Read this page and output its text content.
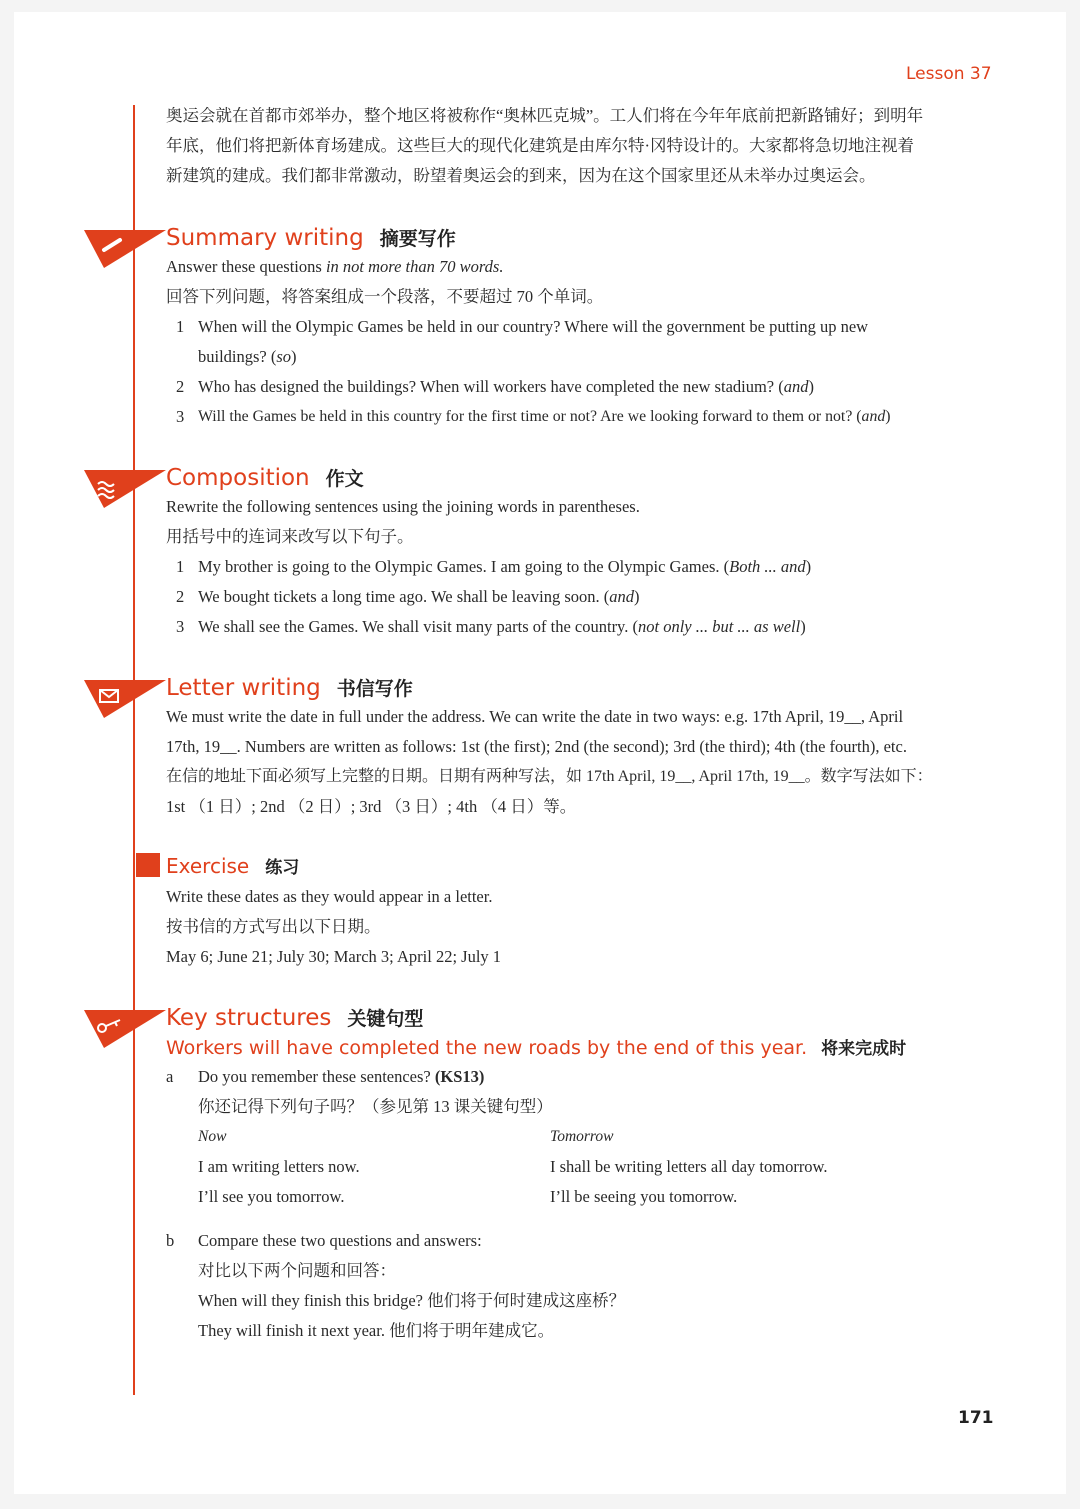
Lesson 37
奥运会就在首都市郊举办，整个地区将被称作“奥林匹克城”。工人们将在今年年底前把新路铺好；到明年
年底，他们将把新体育场建成。这些巨大的现代化建筑是由库尔特·冈特设计的。大家都将急切地注视着
新建筑的建成。我们都非常激动，盼望着奥运会的到来，因为在这个国家里还从未举办过奥运会。
Summary writing 摘要写作
Answer these questions in not more than 70 words.
回答下列问题，将答案组成一个段落，不要超过 70 个单词。
1 When will the Olympic Games be held in our country? Where will the government be putting up new
buildings? (so)
2 Who has designed the buildings? When will workers have completed the new stadium? (and)
3 Will the Games be held in this country for the first time or not? Are we looking forward to them or not? (and)
Composition 作文
Rewrite the following sentences using the joining words in parentheses.
用括号中的连词来改写以下句子。
1 My brother is going to the Olympic Games. I am going to the Olympic Games. (Both ... and)
2 We bought tickets a long time ago. We shall be leaving soon. (and)
3 We shall see the Games. We shall visit many parts of the country. (not only ... but ... as well)
Letter writing 书信写作
We must write the date in full under the address. We can write the date in two ways: e.g. 17th April, 19__, April
17th, 19__. Numbers are written as follows: 1st (the first); 2nd (the second); 3rd (the third); 4th (the fourth), etc.
在信的地址下面必须写上完整的日期。日期有两种写法，如 17th April, 19__, April 17th, 19__。数字写法如下：
1st （1 日）; 2nd （2 日）; 3rd （3 日）; 4th （4 日）等。
Exercise 练习
Write these dates as they would appear in a letter.
按书信的方式写出以下日期。
May 6; June 21; July 30; March 3; April 22; July 1
Key structures 关键句型
Workers will have completed the new roads by the end of this year. 将来完成时
a Do you remember these sentences? (KS13)
你还记得下列句子吗？（参见第 13 课关键句型）
Now	Tomorrow
I am writing letters now.	I shall be writing letters all day tomorrow.
I’ll see you tomorrow.	I’ll be seeing you tomorrow.
b Compare these two questions and answers:
对比以下两个问题和回答：
When will they finish this bridge? 他们将于何时建成这座桥？
They will finish it next year. 他们将于明年建成它。
171
